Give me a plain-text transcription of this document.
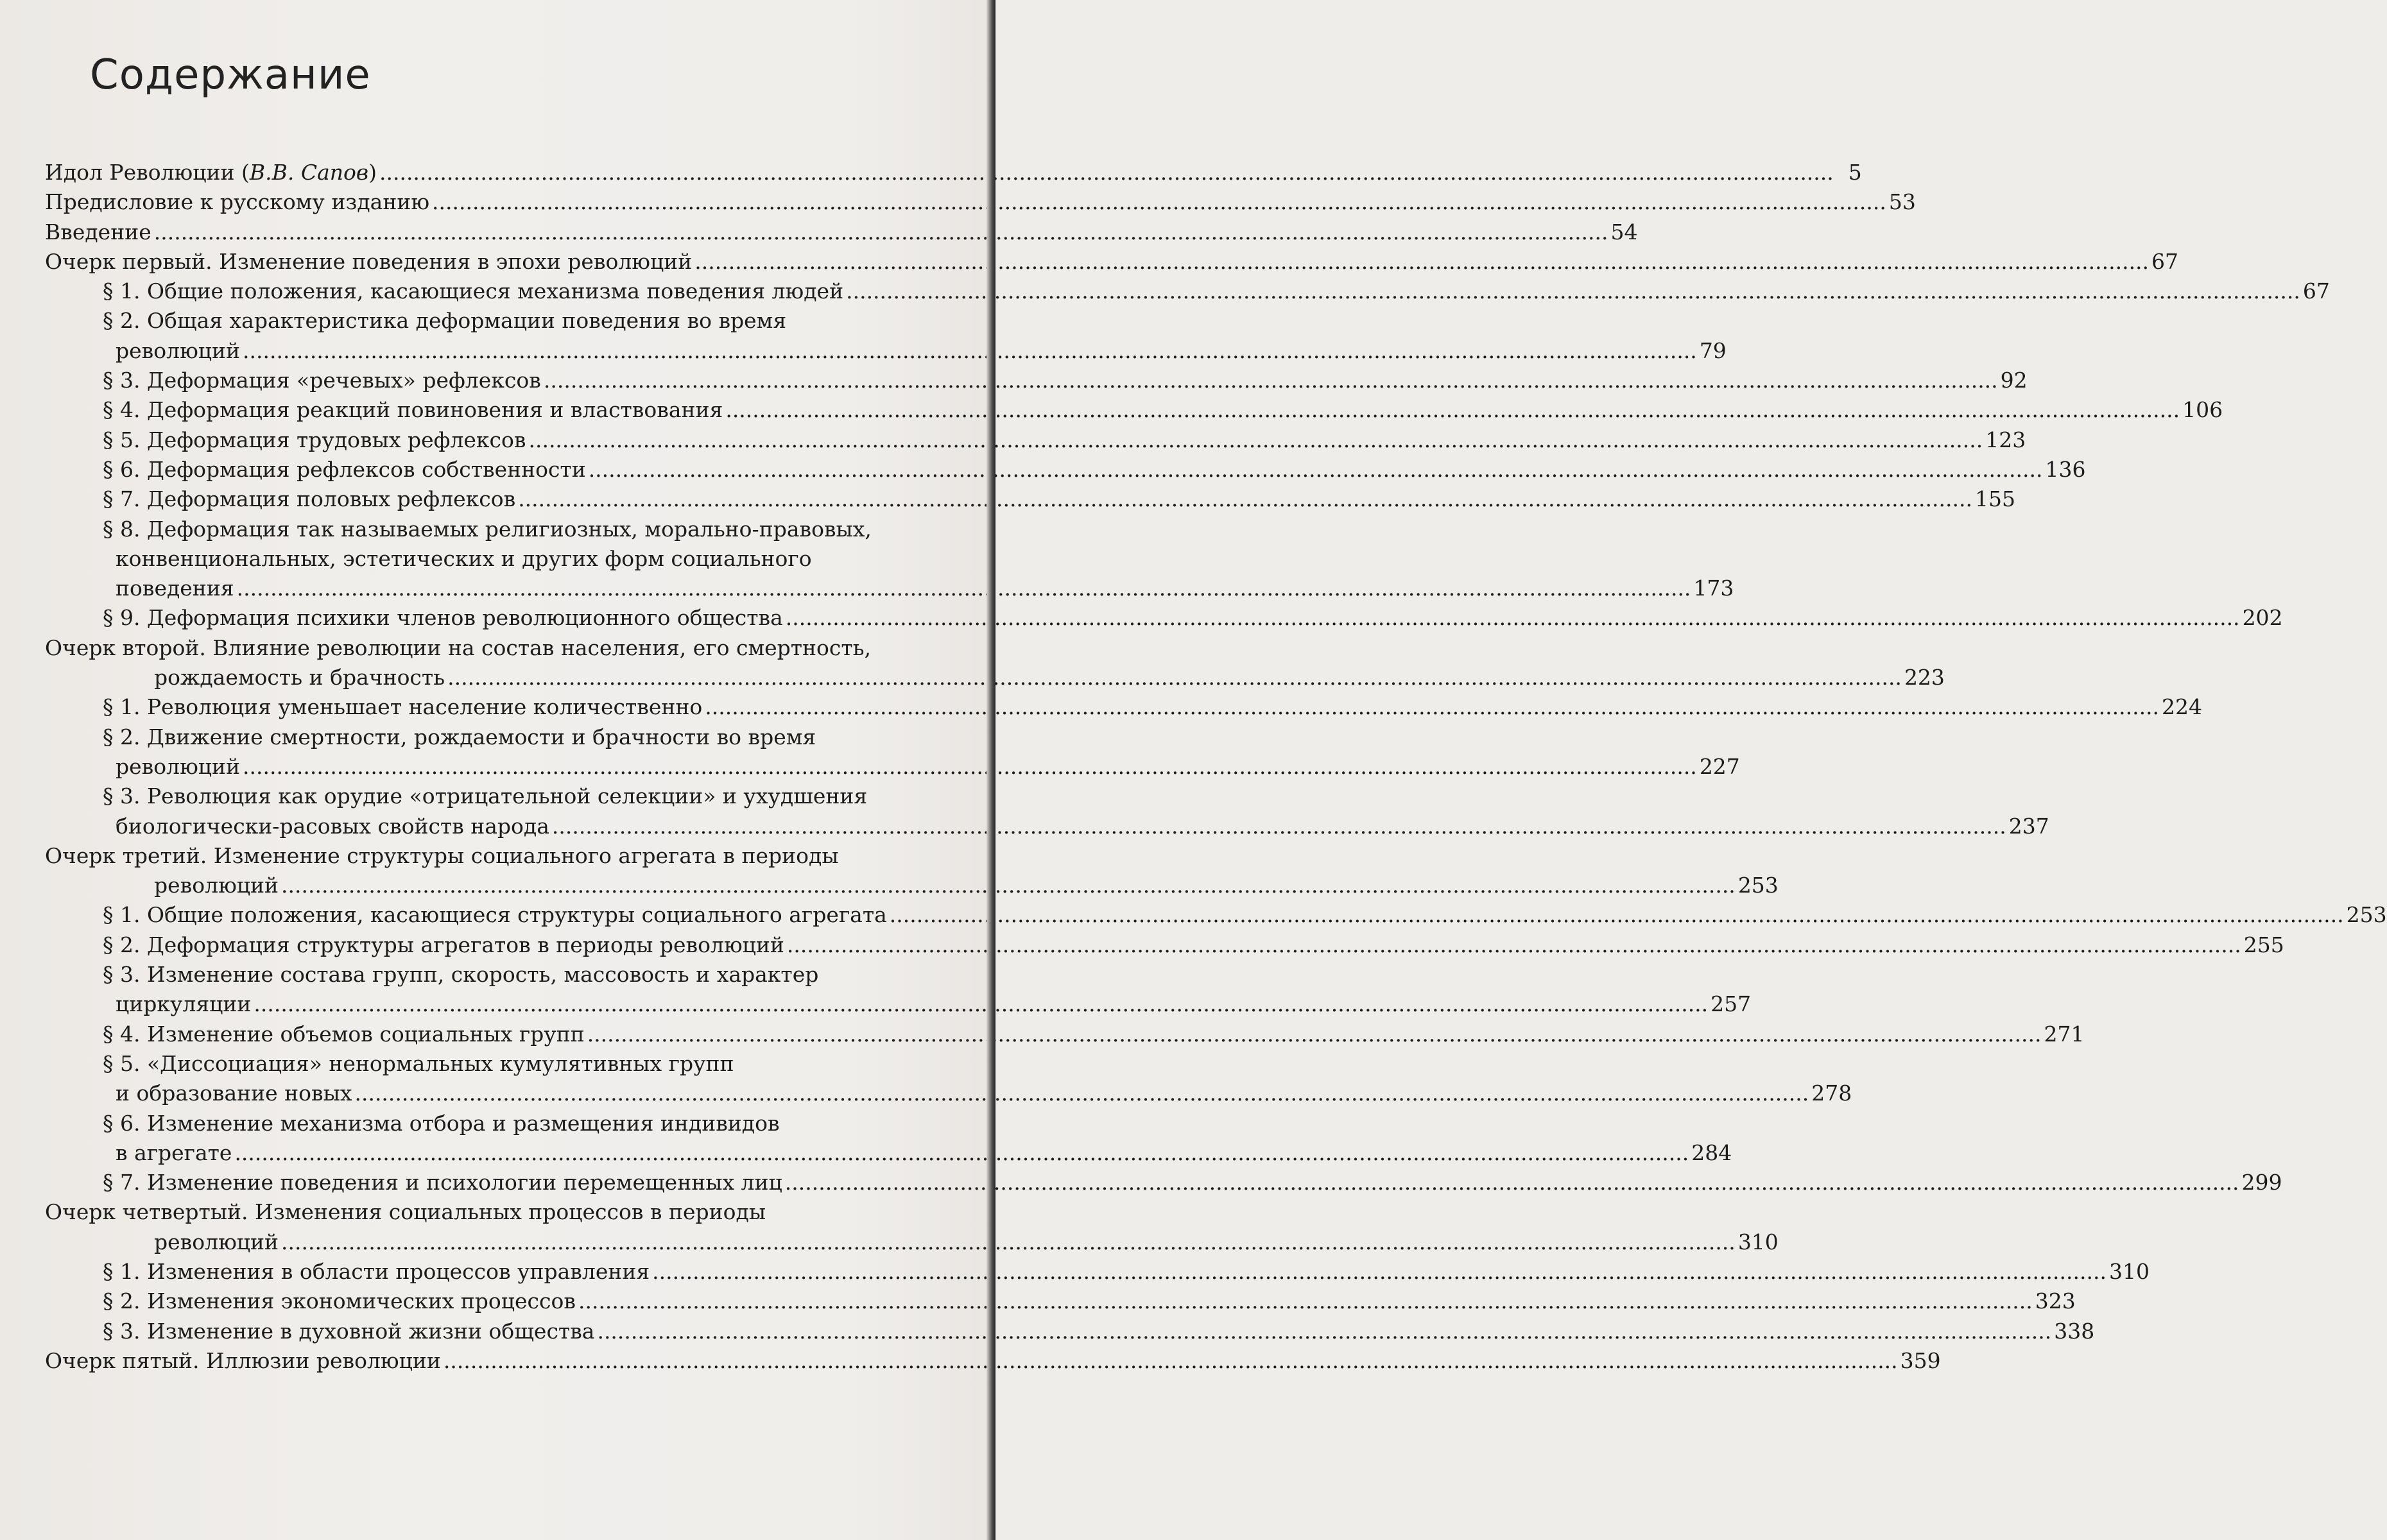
Содержание
Идол Революции (В.В. Сапов) .....	5
Предисловие к русскому изданию .....	53
Введение .....	54
Очерк первый. Изменение поведения в эпохи революций .....	67
§ 1. Общие положения, касающиеся механизма поведения людей .....	67
§ 2. Общая характеристика деформации поведения во время
революций .....	79
§ 3. Деформация «речевых» рефлексов .....	92
§ 4. Деформация реакций повиновения и властвования .....	106
§ 5. Деформация трудовых рефлексов .....	123
§ 6. Деформация рефлексов собственности .....	136
§ 7. Деформация половых рефлексов .....	155
§ 8. Деформация так называемых религиозных, морально-правовых,
конвенциональных, эстетических и других форм социального
поведения .....	173
§ 9. Деформация психики членов революционного общества .....	202
Очерк второй. Влияние революции на состав населения, его смертность,
рождаемость и брачность .....	223
§ 1. Революция уменьшает население количественно .....	224
§ 2. Движение смертности, рождаемости и брачности во время
революций .....	227
§ 3. Революция как орудие «отрицательной селекции» и ухудшения
биологически-расовых свойств народа .....	237
Очерк третий. Изменение структуры социального агрегата в периоды
революций .....	253
§ 1. Общие положения, касающиеся структуры социального агрегата .....	253
§ 2. Деформация структуры агрегатов в периоды революций .....	255
§ 3. Изменение состава групп, скорость, массовость и характер
циркуляции .....	257
§ 4. Изменение объемов социальных групп .....	271
§ 5. «Диссоциация» ненормальных кумулятивных групп
и образование новых .....	278
§ 6. Изменение механизма отбора и размещения индивидов
в агрегате .....	284
§ 7. Изменение поведения и психологии перемещенных лиц .....	299
Очерк четвертый. Изменения социальных процессов в периоды
революций .....	310
§ 1. Изменения в области процессов управления .....	310
§ 2. Изменения экономических процессов .....	323
§ 3. Изменение в духовной жизни общества .....	338
Очерк пятый. Иллюзии революции .....	359
